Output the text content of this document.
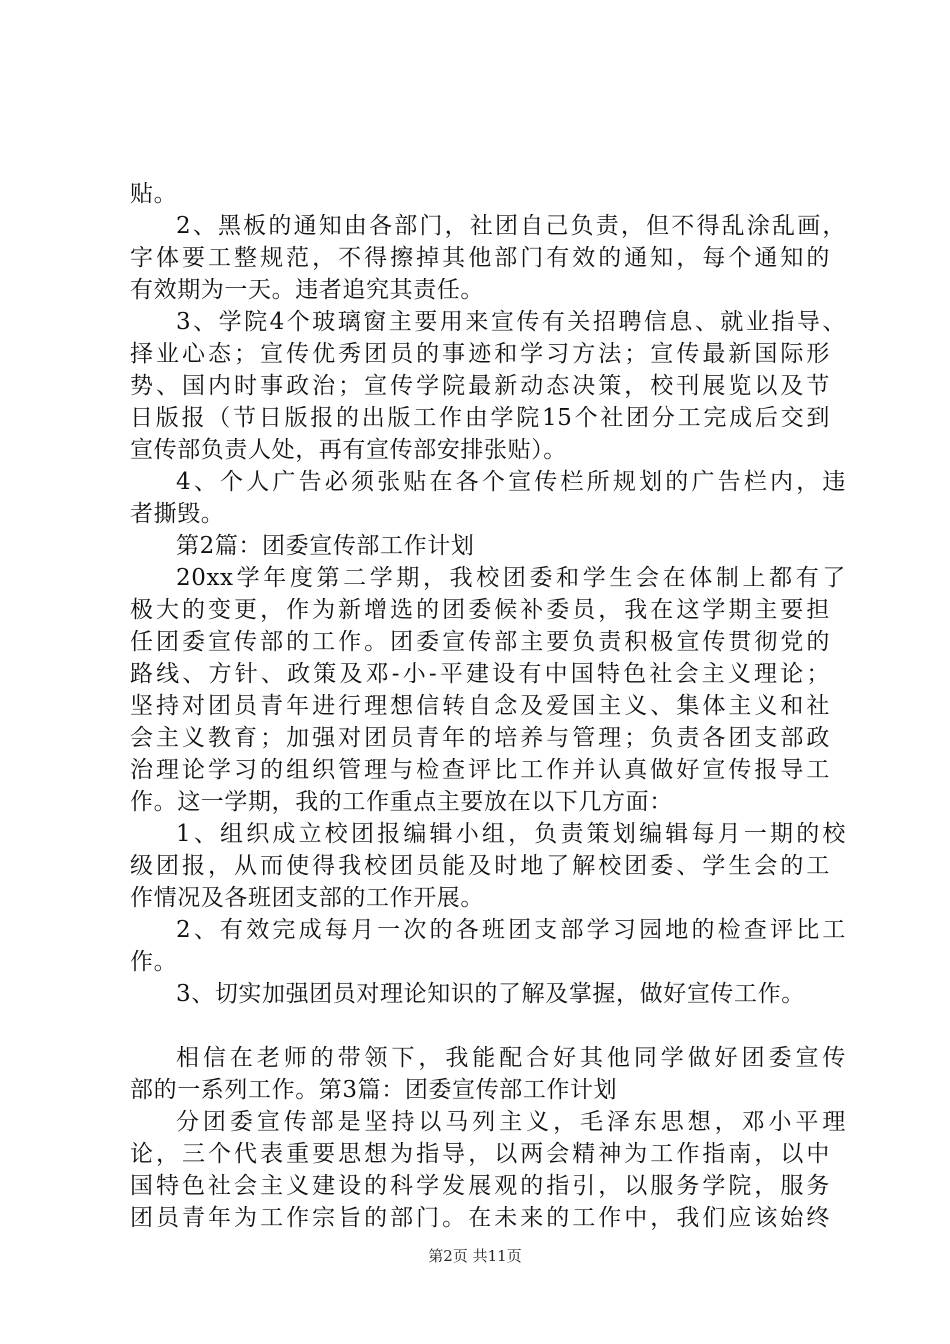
贴。
2、黑板的通知由各部门，社团自己负责，但不得乱涂乱画，
字体要工整规范，不得擦掉其他部门有效的通知，每个通知的
有效期为一天。违者追究其责任。
3、学院4个玻璃窗主要用来宣传有关招聘信息、就业指导、
择业心态；宣传优秀团员的事迹和学习方法；宣传最新国际形
势、国内时事政治；宣传学院最新动态决策，校刊展览以及节
日版报（节日版报的出版工作由学院15个社团分工完成后交到
宣传部负责人处，再有宣传部安排张贴）。
4、个人广告必须张贴在各个宣传栏所规划的广告栏内，违
者撕毁。
第2篇：团委宣传部工作计划
20xx学年度第二学期，我校团委和学生会在体制上都有了
极大的变更，作为新增选的团委候补委员，我在这学期主要担
任团委宣传部的工作。团委宣传部主要负责积极宣传贯彻党的
路线、方针、政策及邓-小-平建设有中国特色社会主义理论；
坚持对团员青年进行理想信转自念及爱国主义、集体主义和社
会主义教育；加强对团员青年的培养与管理；负责各团支部政
治理论学习的组织管理与检查评比工作并认真做好宣传报导工
作。这一学期，我的工作重点主要放在以下几方面：
1、组织成立校团报编辑小组，负责策划编辑每月一期的校
级团报，从而使得我校团员能及时地了解校团委、学生会的工
作情况及各班团支部的工作开展。
2、有效完成每月一次的各班团支部学习园地的检查评比工
作。
3、切实加强团员对理论知识的了解及掌握，做好宣传工作。
相信在老师的带领下，我能配合好其他同学做好团委宣传
部的一系列工作。第3篇：团委宣传部工作计划
分团委宣传部是坚持以马列主义，毛泽东思想，邓小平理
论，三个代表重要思想为指导，以两会精神为工作指南，以中
国特色社会主义建设的科学发展观的指引，以服务学院，服务
团员青年为工作宗旨的部门。在未来的工作中，我们应该始终
第2页 共11页
